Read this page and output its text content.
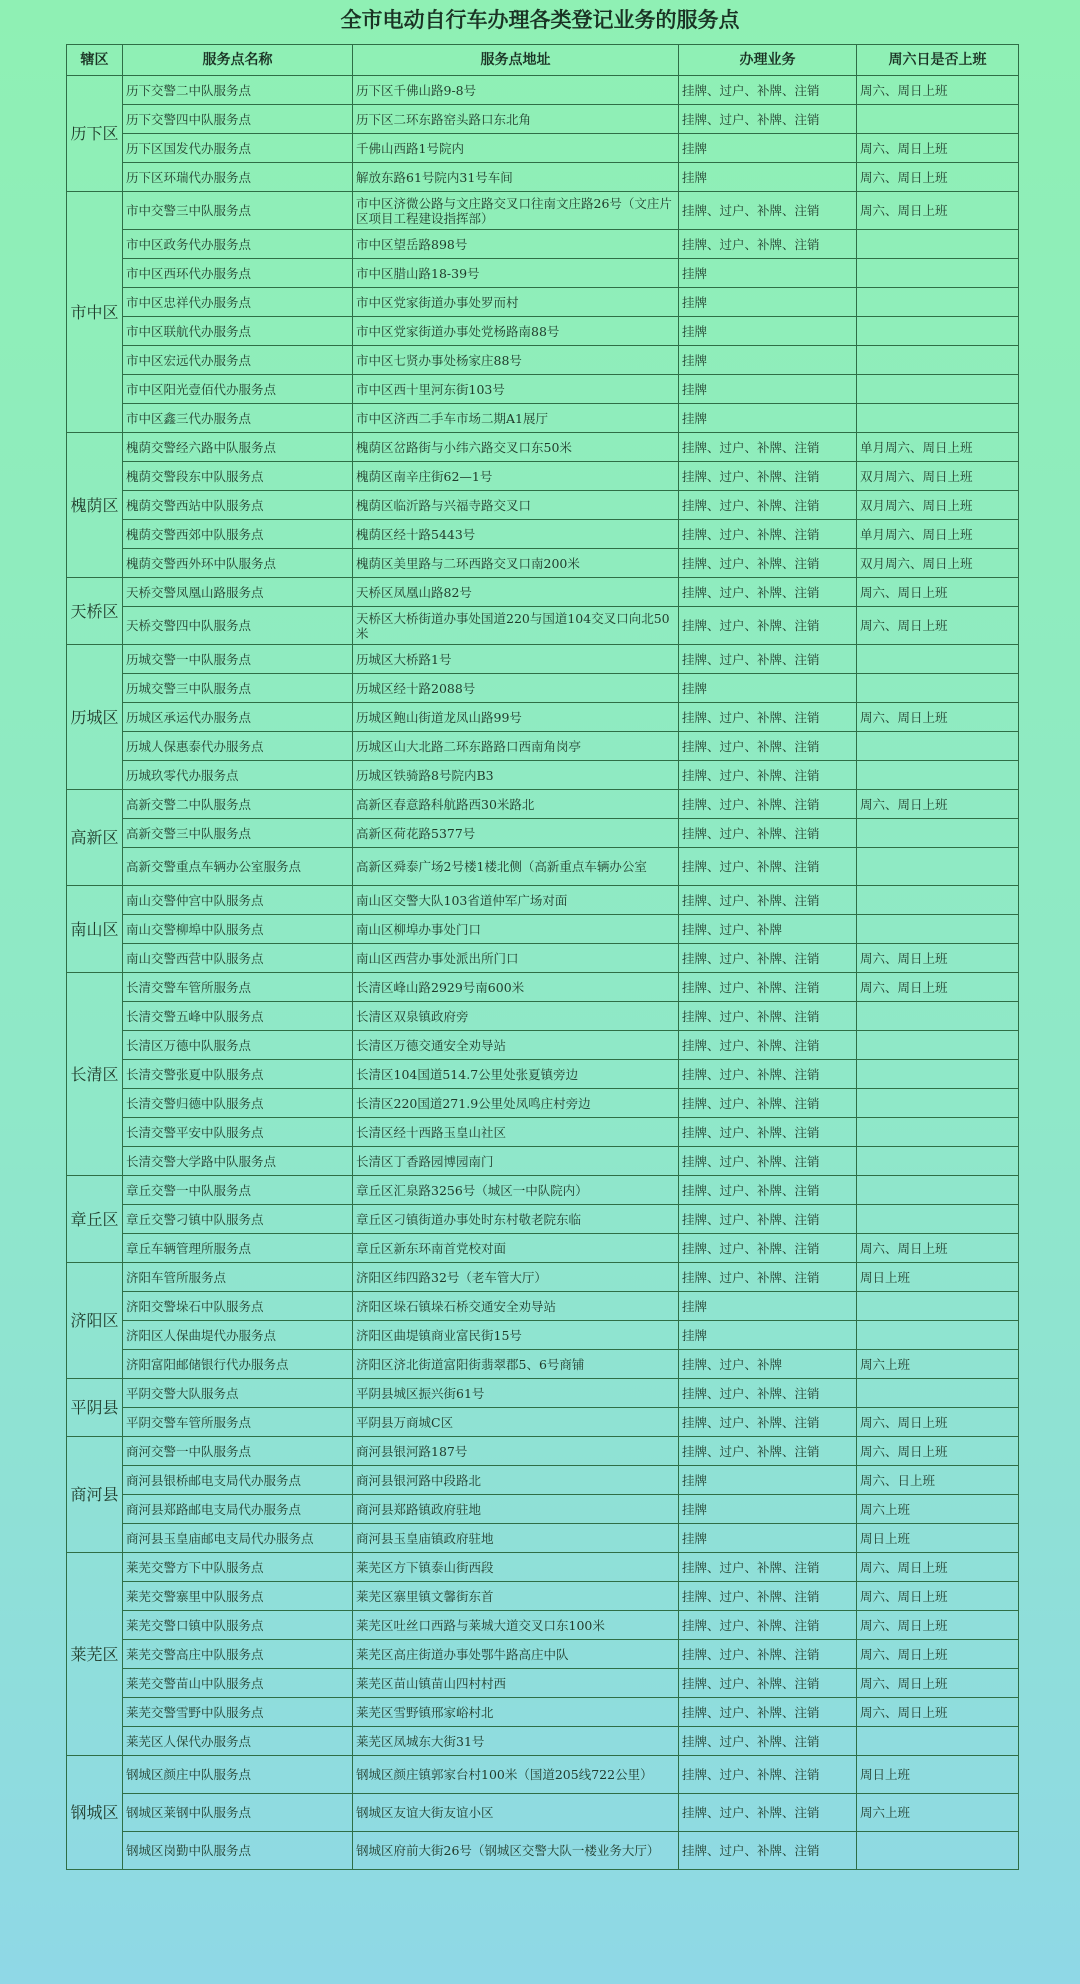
全市电动自行车办理各类登记业务的服务点
辖区	服务点名称	服务点地址	办理业务	周六日是否上班
历下区	历下交警二中队服务点	历下区千佛山路9-8号	挂牌、过户、补牌、注销	周六、周日上班
	历下交警四中队服务点	历下区二环东路窑头路口东北角	挂牌、过户、补牌、注销	
	历下区国发代办服务点	千佛山西路1号院内	挂牌	周六、周日上班
	历下区环瑞代办服务点	解放东路61号院内31号车间	挂牌	周六、周日上班
市中区	市中交警三中队服务点	市中区济微公路与文庄路交叉口往南文庄路26号（文庄片区项目工程建设指挥部）	挂牌、过户、补牌、注销	周六、周日上班
	市中区政务代办服务点	市中区望岳路898号	挂牌、过户、补牌、注销	
	市中区西环代办服务点	市中区腊山路18-39号	挂牌	
	市中区忠祥代办服务点	市中区党家街道办事处罗而村	挂牌	
	市中区联航代办服务点	市中区党家街道办事处党杨路南88号	挂牌	
	市中区宏远代办服务点	市中区七贤办事处杨家庄88号	挂牌	
	市中区阳光壹佰代办服务点	市中区西十里河东街103号	挂牌	
	市中区鑫三代办服务点	市中区济西二手车市场二期A1展厅	挂牌	
槐荫区	槐荫交警经六路中队服务点	槐荫区岔路街与小纬六路交叉口东50米	挂牌、过户、补牌、注销	单月周六、周日上班
	槐荫交警段东中队服务点	槐荫区南辛庄街62—1号	挂牌、过户、补牌、注销	双月周六、周日上班
	槐荫交警西站中队服务点	槐荫区临沂路与兴福寺路交叉口	挂牌、过户、补牌、注销	双月周六、周日上班
	槐荫交警西郊中队服务点	槐荫区经十路5443号	挂牌、过户、补牌、注销	单月周六、周日上班
	槐荫交警西外环中队服务点	槐荫区美里路与二环西路交叉口南200米	挂牌、过户、补牌、注销	双月周六、周日上班
天桥区	天桥交警凤凰山路服务点	天桥区凤凰山路82号	挂牌、过户、补牌、注销	周六、周日上班
	天桥交警四中队服务点	天桥区大桥街道办事处国道220与国道104交叉口向北50米	挂牌、过户、补牌、注销	周六、周日上班
历城区	历城交警一中队服务点	历城区大桥路1号	挂牌、过户、补牌、注销	
	历城交警三中队服务点	历城区经十路2088号	挂牌	
	历城区承运代办服务点	历城区鲍山街道龙凤山路99号	挂牌、过户、补牌、注销	周六、周日上班
	历城人保惠泰代办服务点	历城区山大北路二环东路路口西南角岗亭	挂牌、过户、补牌、注销	
	历城玖零代办服务点	历城区铁骑路8号院内B3	挂牌、过户、补牌、注销	
高新区	高新交警二中队服务点	高新区春意路科航路西30米路北	挂牌、过户、补牌、注销	周六、周日上班
	高新交警三中队服务点	高新区荷花路5377号	挂牌、过户、补牌、注销	
	高新交警重点车辆办公室服务点	高新区舜泰广场2号楼1楼北侧（高新重点车辆办公室	挂牌、过户、补牌、注销	
南山区	南山交警仲宫中队服务点	南山区交警大队103省道仲军广场对面	挂牌、过户、补牌、注销	
	南山交警柳埠中队服务点	南山区柳埠办事处门口	挂牌、过户、补牌	
	南山交警西营中队服务点	南山区西营办事处派出所门口	挂牌、过户、补牌、注销	周六、周日上班
长清区	长清交警车管所服务点	长清区峰山路2929号南600米	挂牌、过户、补牌、注销	周六、周日上班
	长清交警五峰中队服务点	长清区双泉镇政府旁	挂牌、过户、补牌、注销	
	长清区万德中队服务点	长清区万德交通安全劝导站	挂牌、过户、补牌、注销	
	长清交警张夏中队服务点	长清区104国道514.7公里处张夏镇旁边	挂牌、过户、补牌、注销	
	长清交警归德中队服务点	长清区220国道271.9公里处凤鸣庄村旁边	挂牌、过户、补牌、注销	
	长清交警平安中队服务点	长清区经十西路玉皇山社区	挂牌、过户、补牌、注销	
	长清交警大学路中队服务点	长清区丁香路园博园南门	挂牌、过户、补牌、注销	
章丘区	章丘交警一中队服务点	章丘区汇泉路3256号（城区一中队院内）	挂牌、过户、补牌、注销	
	章丘交警刁镇中队服务点	章丘区刁镇街道办事处时东村敬老院东临	挂牌、过户、补牌、注销	
	章丘车辆管理所服务点	章丘区新东环南首党校对面	挂牌、过户、补牌、注销	周六、周日上班
济阳区	济阳车管所服务点	济阳区纬四路32号（老车管大厅）	挂牌、过户、补牌、注销	周日上班
	济阳交警垛石中队服务点	济阳区垛石镇垛石桥交通安全劝导站	挂牌	
	济阳区人保曲堤代办服务点	济阳区曲堤镇商业富民街15号	挂牌	
	济阳富阳邮储银行代办服务点	济阳区济北街道富阳街翡翠郡5、6号商铺	挂牌、过户、补牌	周六上班
平阴县	平阴交警大队服务点	平阴县城区振兴街61号	挂牌、过户、补牌、注销	
	平阴交警车管所服务点	平阴县万商城C区	挂牌、过户、补牌、注销	周六、周日上班
商河县	商河交警一中队服务点	商河县银河路187号	挂牌、过户、补牌、注销	周六、周日上班
	商河县银桥邮电支局代办服务点	商河县银河路中段路北	挂牌	周六、日上班
	商河县郑路邮电支局代办服务点	商河县郑路镇政府驻地	挂牌	周六上班
	商河县玉皇庙邮电支局代办服务点	商河县玉皇庙镇政府驻地	挂牌	周日上班
莱芜区	莱芜交警方下中队服务点	莱芜区方下镇泰山街西段	挂牌、过户、补牌、注销	周六、周日上班
	莱芜交警寨里中队服务点	莱芜区寨里镇文馨街东首	挂牌、过户、补牌、注销	周六、周日上班
	莱芜交警口镇中队服务点	莱芜区吐丝口西路与莱城大道交叉口东100米	挂牌、过户、补牌、注销	周六、周日上班
	莱芜交警高庄中队服务点	莱芜区高庄街道办事处鄂牛路高庄中队	挂牌、过户、补牌、注销	周六、周日上班
	莱芜交警苗山中队服务点	莱芜区苗山镇苗山四村村西	挂牌、过户、补牌、注销	周六、周日上班
	莱芜交警雪野中队服务点	莱芜区雪野镇邢家峪村北	挂牌、过户、补牌、注销	周六、周日上班
	莱芜区人保代办服务点	莱芜区凤城东大街31号	挂牌、过户、补牌、注销	
钢城区	钢城区颜庄中队服务点	钢城区颜庄镇郭家台村100米（国道205线722公里）	挂牌、过户、补牌、注销	周日上班
	钢城区莱钢中队服务点	钢城区友谊大街友谊小区	挂牌、过户、补牌、注销	周六上班
	钢城区岗勤中队服务点	钢城区府前大街26号（钢城区交警大队一楼业务大厅）	挂牌、过户、补牌、注销	
